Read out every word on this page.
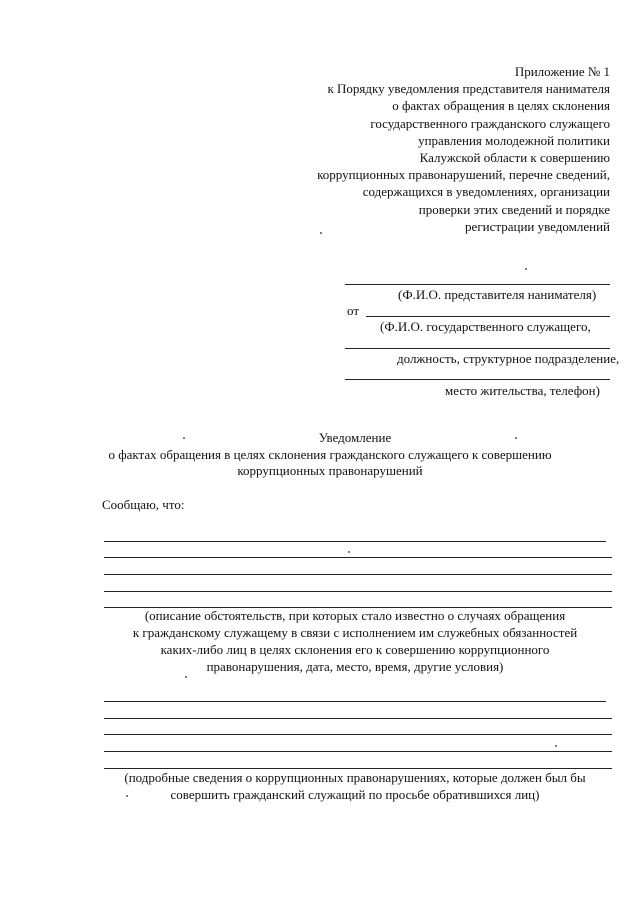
Приложение № 1
к Порядку уведомления представителя нанимателя
о фактах обращения в целях склонения
государственного гражданского служащего
управления молодежной политики
Калужской области к совершению
коррупционных правонарушений, перечне сведений,
содержащихся в уведомлениях, организации
проверки этих сведений и порядке
регистрации уведомлений
(Ф.И.О. представителя нанимателя)
от
(Ф.И.О. государственного служащего,
должность, структурное подразделение,
место жительства, телефон)
Уведомление
о фактах обращения в целях склонения гражданского служащего к совершению
коррупционных правонарушений
Сообщаю, что:
(описание обстоятельств, при которых стало известно о случаях обращения
к гражданскому служащему в связи с исполнением им служебных обязанностей
каких-либо лиц в целях склонения его к совершению коррупционного
правонарушения, дата, место, время, другие условия)
(подробные сведения о коррупционных правонарушениях, которые должен был бы
совершить гражданский служащий по просьбе обратившихся лиц)
